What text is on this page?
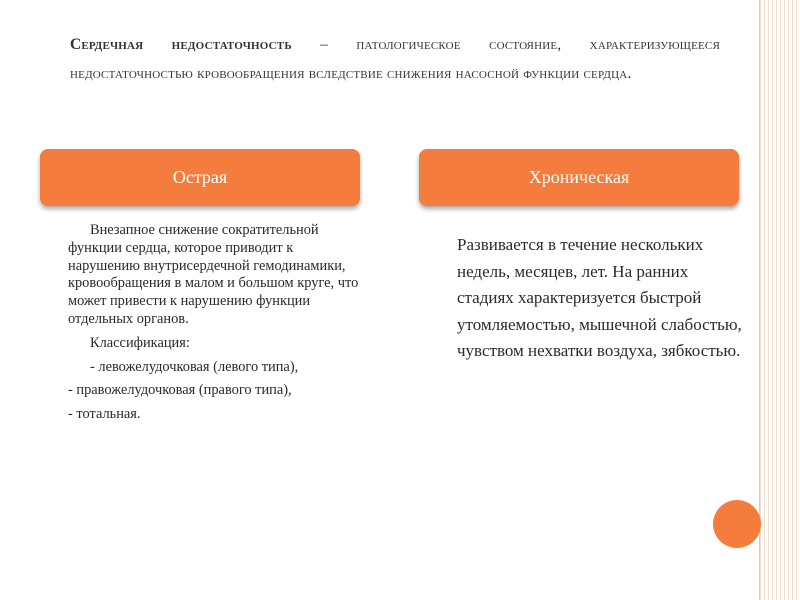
Сердечная недостаточность – патологическое состояние, характеризующееся недостаточностью кровообращения вследствие снижения насосной функции сердца.
Острая	Хроническая

Внезапное снижение сократительной функции сердца, которое приводит к нарушению внутрисердечной гемодинамики, кровообращения в малом и большом круге, что может привести к нарушению функции отдельных органов.

Классификация:

- левожелудочковая (левого типа),

- правожелудочковая (правого типа),

- тотальная.

Развивается в течение нескольких недель, месяцев, лет. На ранних стадиях характеризуется быстрой утомляемостью, мышечной слабостью, чувством нехватки воздуха, зябкостью.
